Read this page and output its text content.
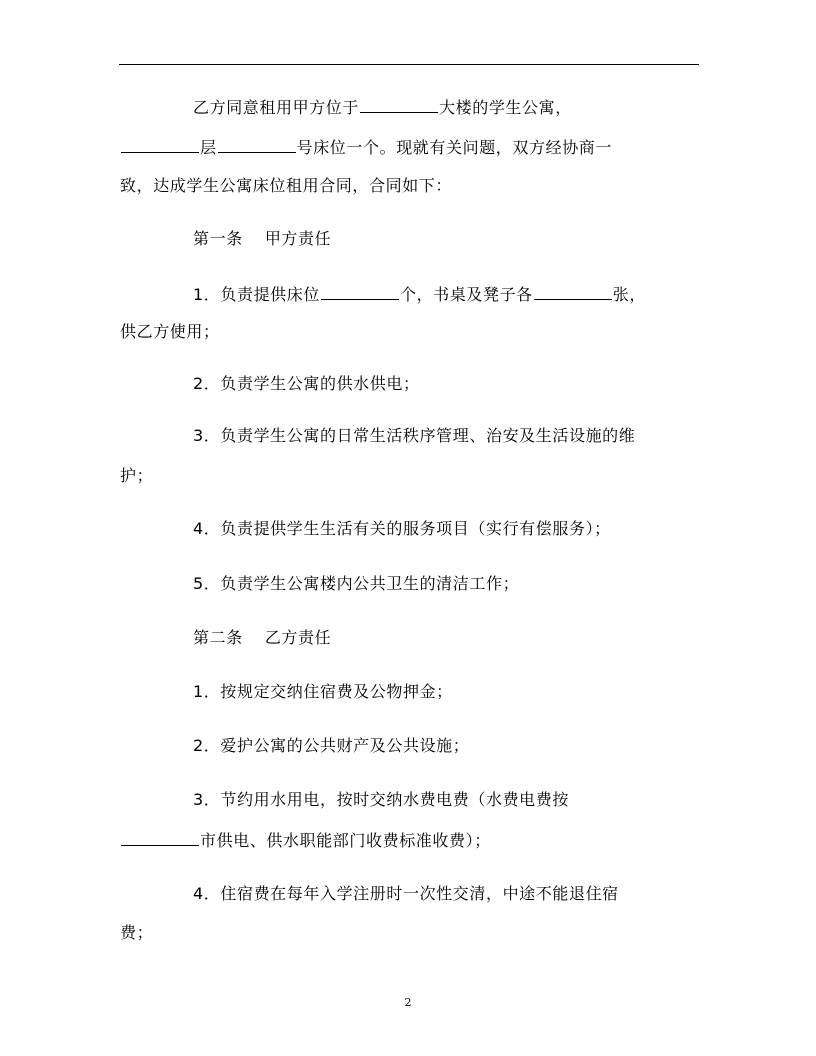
乙方同意租用甲方位于	大楼的学生公寓，
层	号床位一个。现就有关问题，双方经协商一
致，达成学生公寓床位租用合同，合同如下：
第一条 甲方责任
1．负责提供床位	个，书桌及凳子各	张，
供乙方使用；
2．负责学生公寓的供水供电；
3．负责学生公寓的日常生活秩序管理、治安及生活设施的维
护；
4．负责提供学生生活有关的服务项目（实行有偿服务）；
5．负责学生公寓楼内公共卫生的清洁工作；
第二条 乙方责任
1．按规定交纳住宿费及公物押金；
2．爱护公寓的公共财产及公共设施；
3．节约用水用电，按时交纳水费电费（水费电费按
市供电、供水职能部门收费标准收费）；
4．住宿费在每年入学注册时一次性交清，中途不能退住宿
费；
2
